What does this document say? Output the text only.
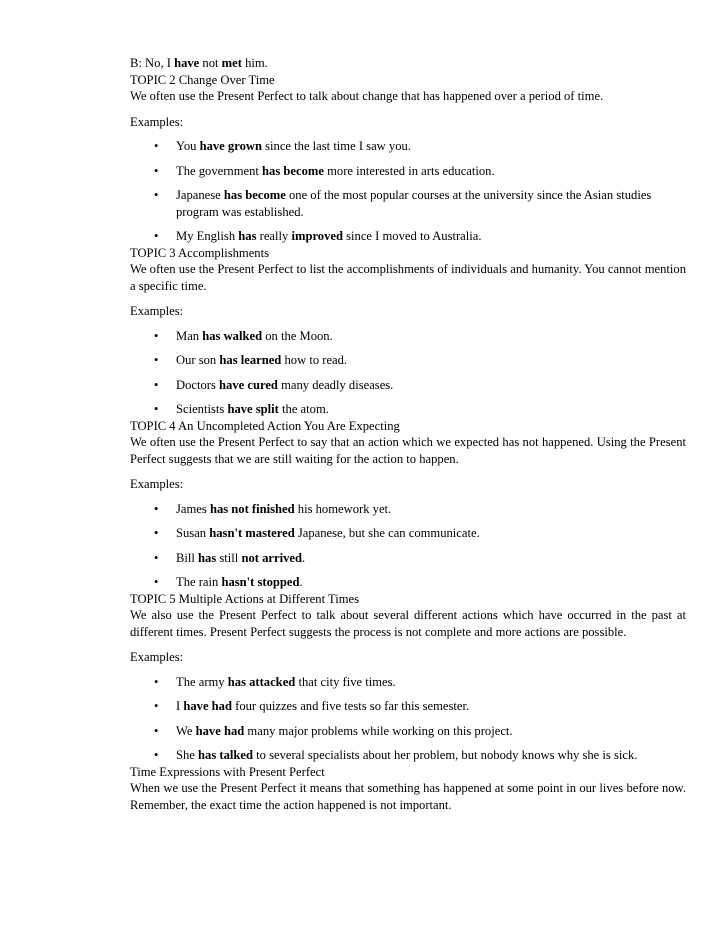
B: No, I have not met him.

TOPIC 2 Change Over Time

We often use the Present Perfect to talk about change that has happened over a period of time.

Examples:

• You have grown since the last time I saw you.
• The government has become more interested in arts education.
• Japanese has become one of the most popular courses at the university since the Asian studies program was established.
• My English has really improved since I moved to Australia.

TOPIC 3 Accomplishments

We often use the Present Perfect to list the accomplishments of individuals and humanity. You cannot mention a specific time.

Examples:

• Man has walked on the Moon.
• Our son has learned how to read.
• Doctors have cured many deadly diseases.
• Scientists have split the atom.

TOPIC 4 An Uncompleted Action You Are Expecting

We often use the Present Perfect to say that an action which we expected has not happened. Using the Present Perfect suggests that we are still waiting for the action to happen.

Examples:

• James has not finished his homework yet.
• Susan hasn't mastered Japanese, but she can communicate.
• Bill has still not arrived.
• The rain hasn't stopped.

TOPIC 5 Multiple Actions at Different Times

We also use the Present Perfect to talk about several different actions which have occurred in the past at different times. Present Perfect suggests the process is not complete and more actions are possible.

Examples:

• The army has attacked that city five times.
• I have had four quizzes and five tests so far this semester.
• We have had many major problems while working on this project.
• She has talked to several specialists about her problem, but nobody knows why she is sick.

Time Expressions with Present Perfect

When we use the Present Perfect it means that something has happened at some point in our lives before now. Remember, the exact time the action happened is not important.
